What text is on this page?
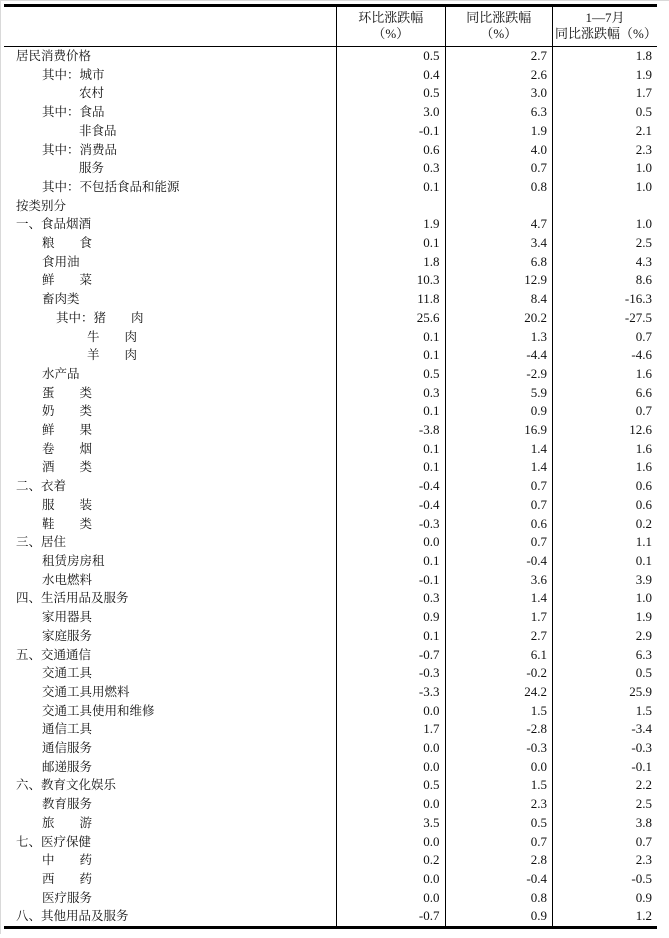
环比涨跌幅
（%）

同比涨跌幅
（%）

1—7月
同比涨跌幅（%）

居民消费价格	0.5	2.7	1.8
其中：城市	0.4	2.6	1.9
农村	0.5	3.0	1.7
其中：食品	3.0	6.3	0.5
非食品	-0.1	1.9	2.1
其中：消费品	0.6	4.0	2.3
服务	0.3	0.7	1.0
其中：不包括食品和能源	0.1	0.8	1.0
按类别分			
一、食品烟酒	1.9	4.7	1.0
粮　　食	0.1	3.4	2.5
食用油	1.8	6.8	4.3
鲜　　菜	10.3	12.9	8.6
畜肉类	11.8	8.4	-16.3
其中：猪　　肉	25.6	20.2	-27.5
牛　　肉	0.1	1.3	0.7
羊　　肉	0.1	-4.4	-4.6
水产品	0.5	-2.9	1.6
蛋　　类	0.3	5.9	6.6
奶　　类	0.1	0.9	0.7
鲜　　果	-3.8	16.9	12.6
卷　　烟	0.1	1.4	1.6
酒　　类	0.1	1.4	1.6
二、衣着	-0.4	0.7	0.6
服　　装	-0.4	0.7	0.6
鞋　　类	-0.3	0.6	0.2
三、居住	0.0	0.7	1.1
租赁房房租	0.1	-0.4	0.1
水电燃料	-0.1	3.6	3.9
四、生活用品及服务	0.3	1.4	1.0
家用器具	0.9	1.7	1.9
家庭服务	0.1	2.7	2.9
五、交通通信	-0.7	6.1	6.3
交通工具	-0.3	-0.2	0.5
交通工具用燃料	-3.3	24.2	25.9
交通工具使用和维修	0.0	1.5	1.5
通信工具	1.7	-2.8	-3.4
通信服务	0.0	-0.3	-0.3
邮递服务	0.0	0.0	-0.1
六、教育文化娱乐	0.5	1.5	2.2
教育服务	0.0	2.3	2.5
旅　　游	3.5	0.5	3.8
七、医疗保健	0.0	0.7	0.7
中　　药	0.2	2.8	2.3
西　　药	0.0	-0.4	-0.5
医疗服务	0.0	0.8	0.9
八、其他用品及服务	-0.7	0.9	1.2
